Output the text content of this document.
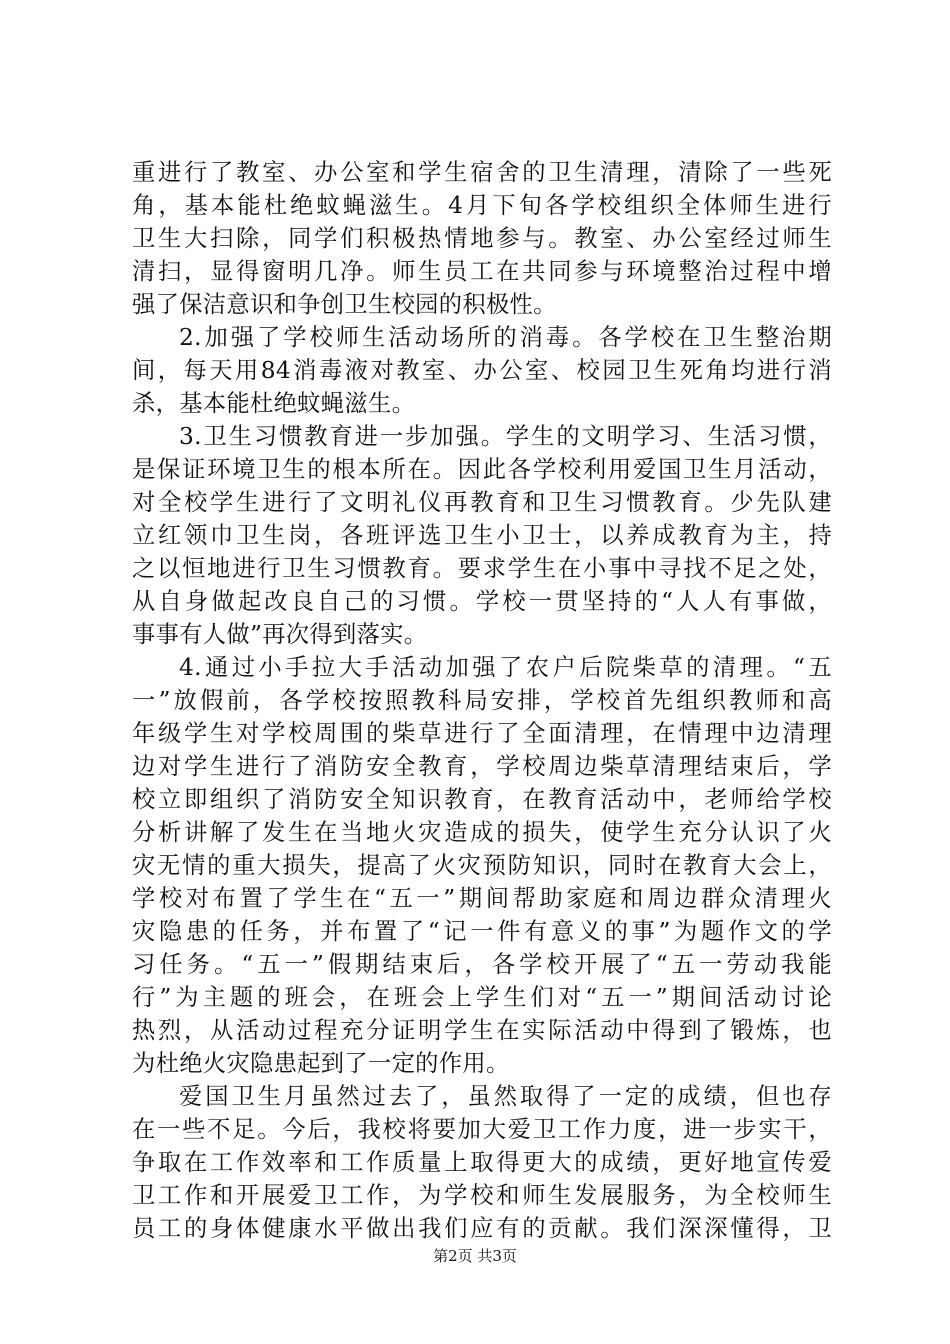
重进行了教室、办公室和学生宿舍的卫生清理，清除了一些死
角，基本能杜绝蚊蝇滋生。4月下旬各学校组织全体师生进行
卫生大扫除，同学们积极热情地参与。教室、办公室经过师生
清扫，显得窗明几净。师生员工在共同参与环境整治过程中增
强了保洁意识和争创卫生校园的积极性。
2.加强了学校师生活动场所的消毒。各学校在卫生整治期
间，每天用84消毒液对教室、办公室、校园卫生死角均进行消
杀，基本能杜绝蚊蝇滋生。
3.卫生习惯教育进一步加强。学生的文明学习、生活习惯，
是保证环境卫生的根本所在。因此各学校利用爱国卫生月活动，
对全校学生进行了文明礼仪再教育和卫生习惯教育。少先队建
立红领巾卫生岗，各班评选卫生小卫士，以养成教育为主，持
之以恒地进行卫生习惯教育。要求学生在小事中寻找不足之处，
从自身做起改良自己的习惯。学校一贯坚持的“人人有事做，
事事有人做”再次得到落实。
4.通过小手拉大手活动加强了农户后院柴草的清理。“五
一”放假前，各学校按照教科局安排，学校首先组织教师和高
年级学生对学校周围的柴草进行了全面清理，在情理中边清理
边对学生进行了消防安全教育，学校周边柴草清理结束后，学
校立即组织了消防安全知识教育，在教育活动中，老师给学校
分析讲解了发生在当地火灾造成的损失，使学生充分认识了火
灾无情的重大损失，提高了火灾预防知识，同时在教育大会上，
学校对布置了学生在“五一”期间帮助家庭和周边群众清理火
灾隐患的任务，并布置了“记一件有意义的事”为题作文的学
习任务。“五一”假期结束后，各学校开展了“五一劳动我能
行”为主题的班会，在班会上学生们对“五一”期间活动讨论
热烈，从活动过程充分证明学生在实际活动中得到了锻炼，也
为杜绝火灾隐患起到了一定的作用。
爱国卫生月虽然过去了，虽然取得了一定的成绩，但也存
在一些不足。今后，我校将要加大爱卫工作力度，进一步实干，
争取在工作效率和工作质量上取得更大的成绩，更好地宣传爱
卫工作和开展爱卫工作，为学校和师生发展服务，为全校师生
员工的身体健康水平做出我们应有的贡献。我们深深懂得，卫
第2页 共3页
